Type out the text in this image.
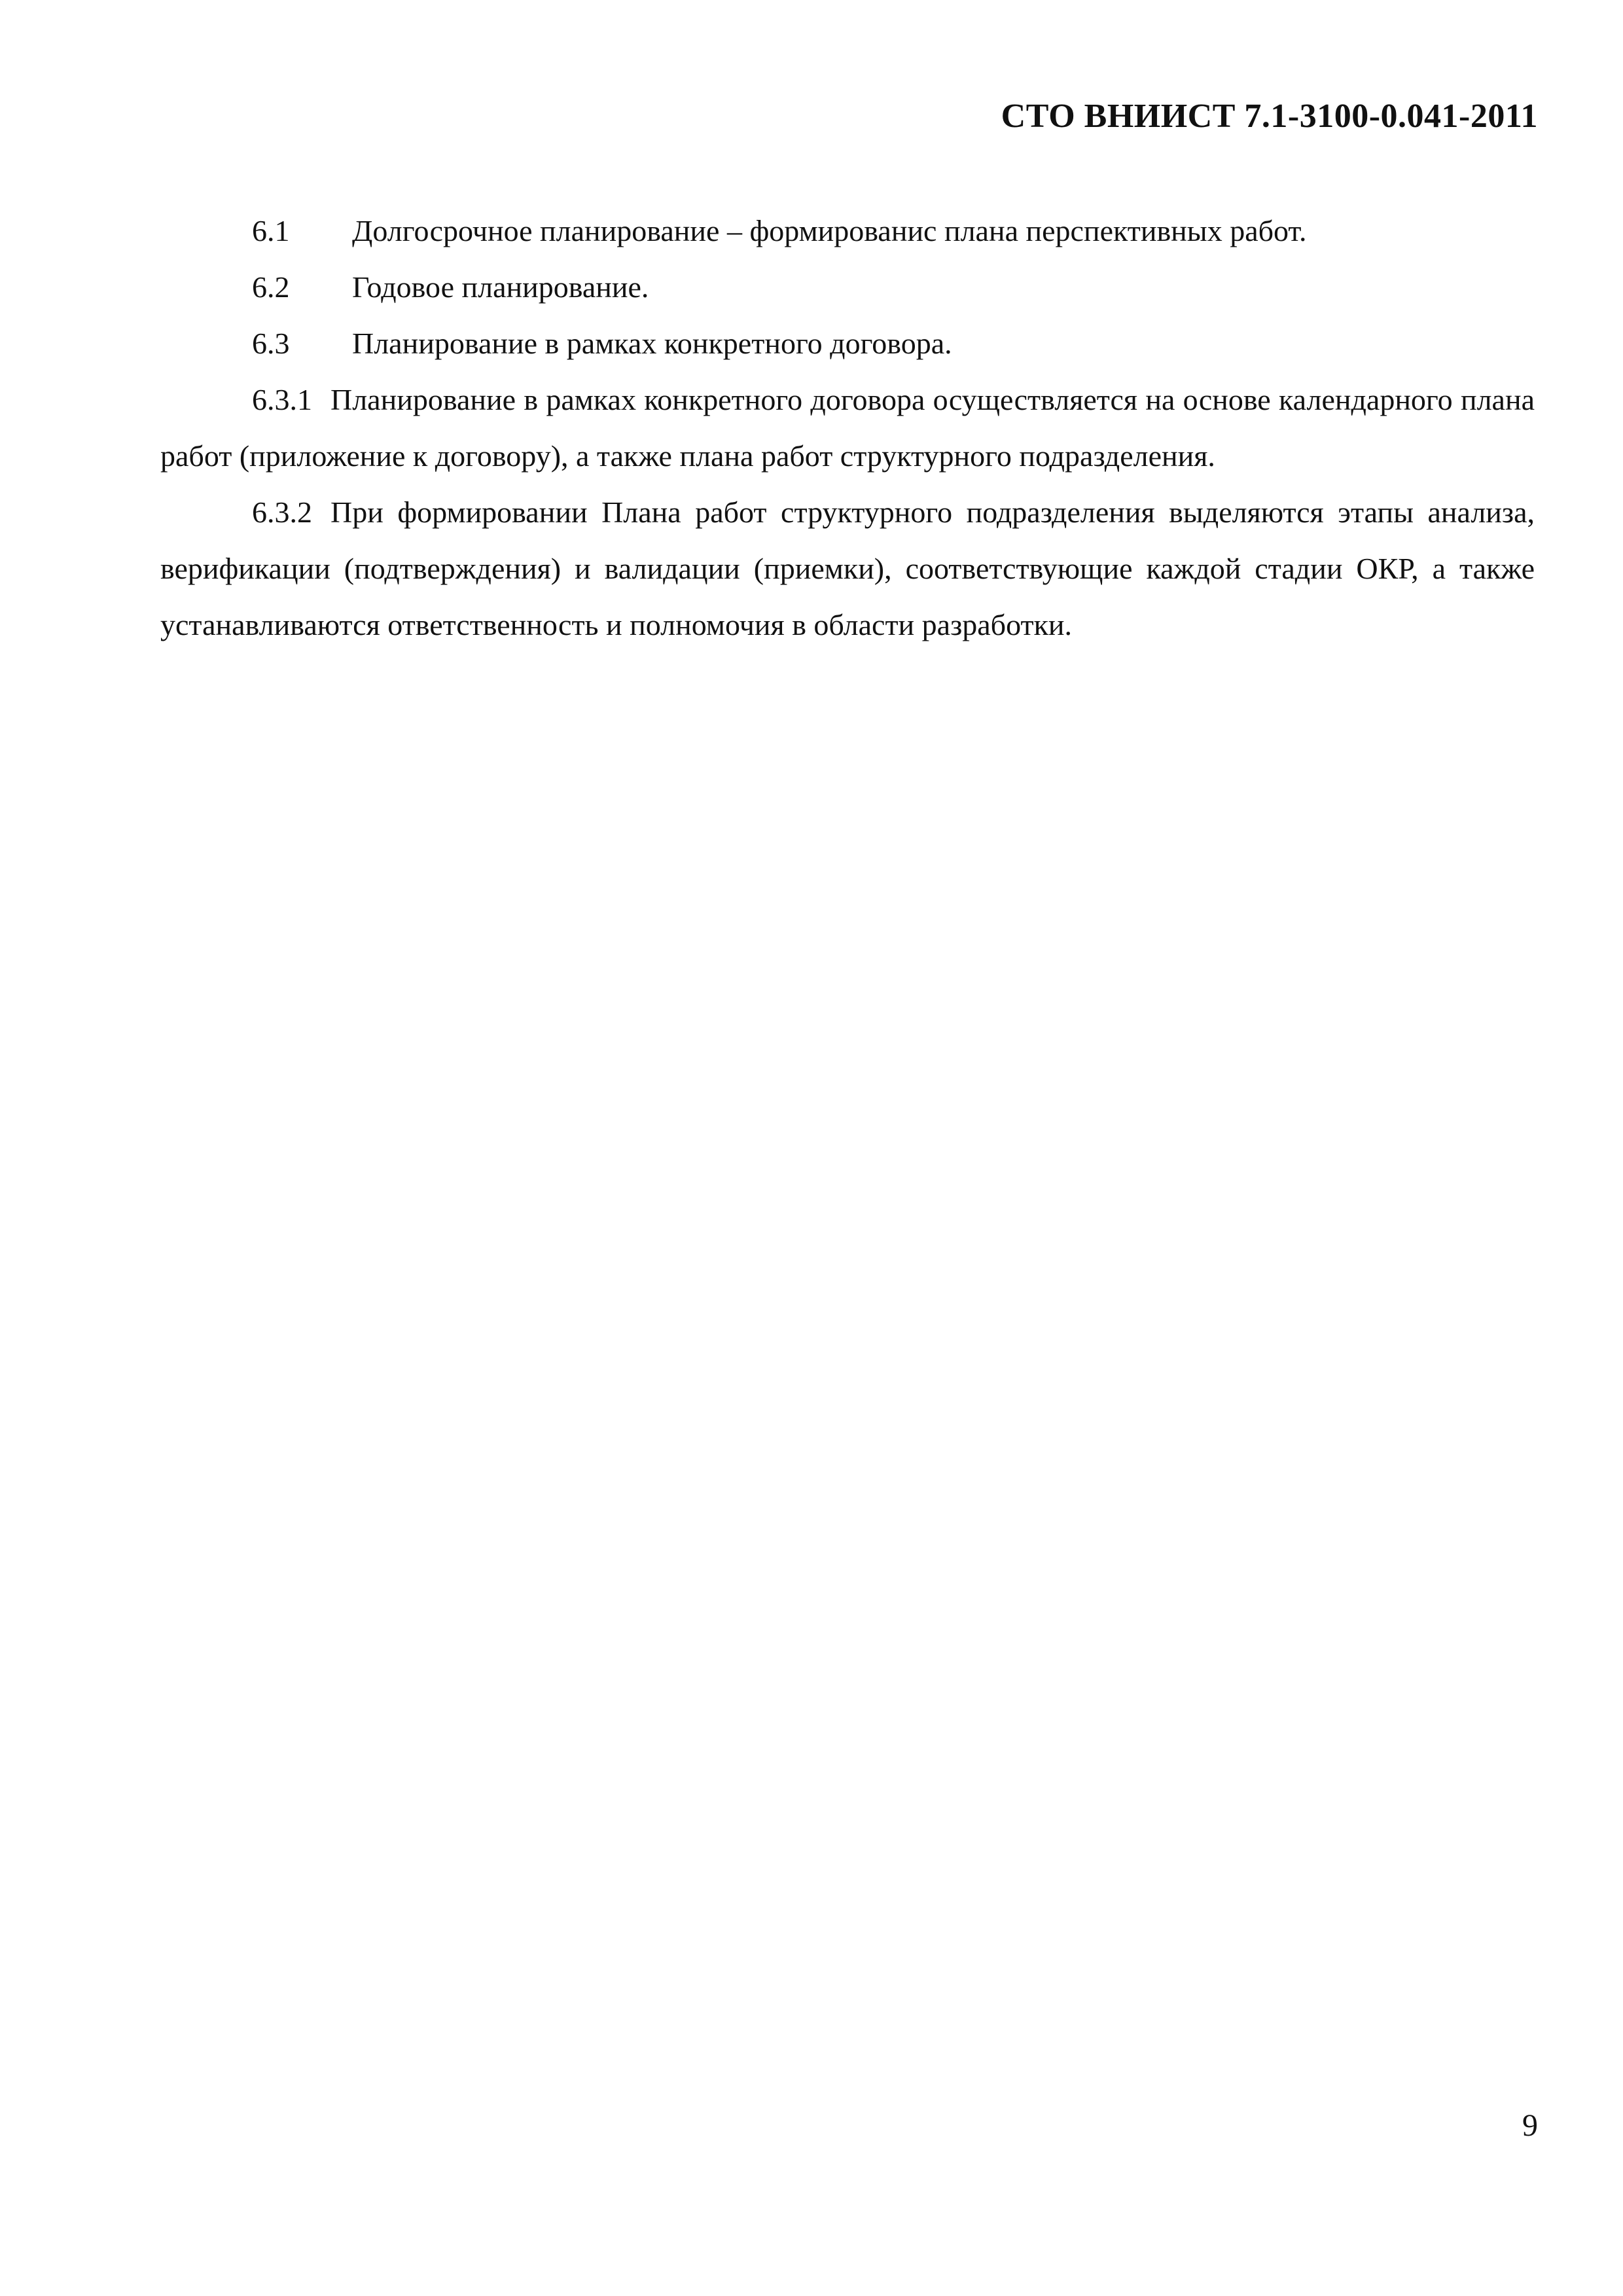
СТО ВНИИСТ 7.1-3100-0.041-2011
6.1	Долгосрочное планирование – формированис плана перспективных работ.
6.2	Годовое планирование.
6.3	Планирование в рамках конкретного договора.

6.3.1 Планирование в рамках конкретного договора осуществляется на основе календарного плана работ (приложение к договору), а также плана работ структурного подразделения.

6.3.2 При формировании Плана работ структурного подразделения выделяются этапы анализа, верификации (подтверждения) и валидации (приемки), соответствующие каждой стадии ОКР, а также устанавливаются ответственность и полномочия в области разработки.

9
